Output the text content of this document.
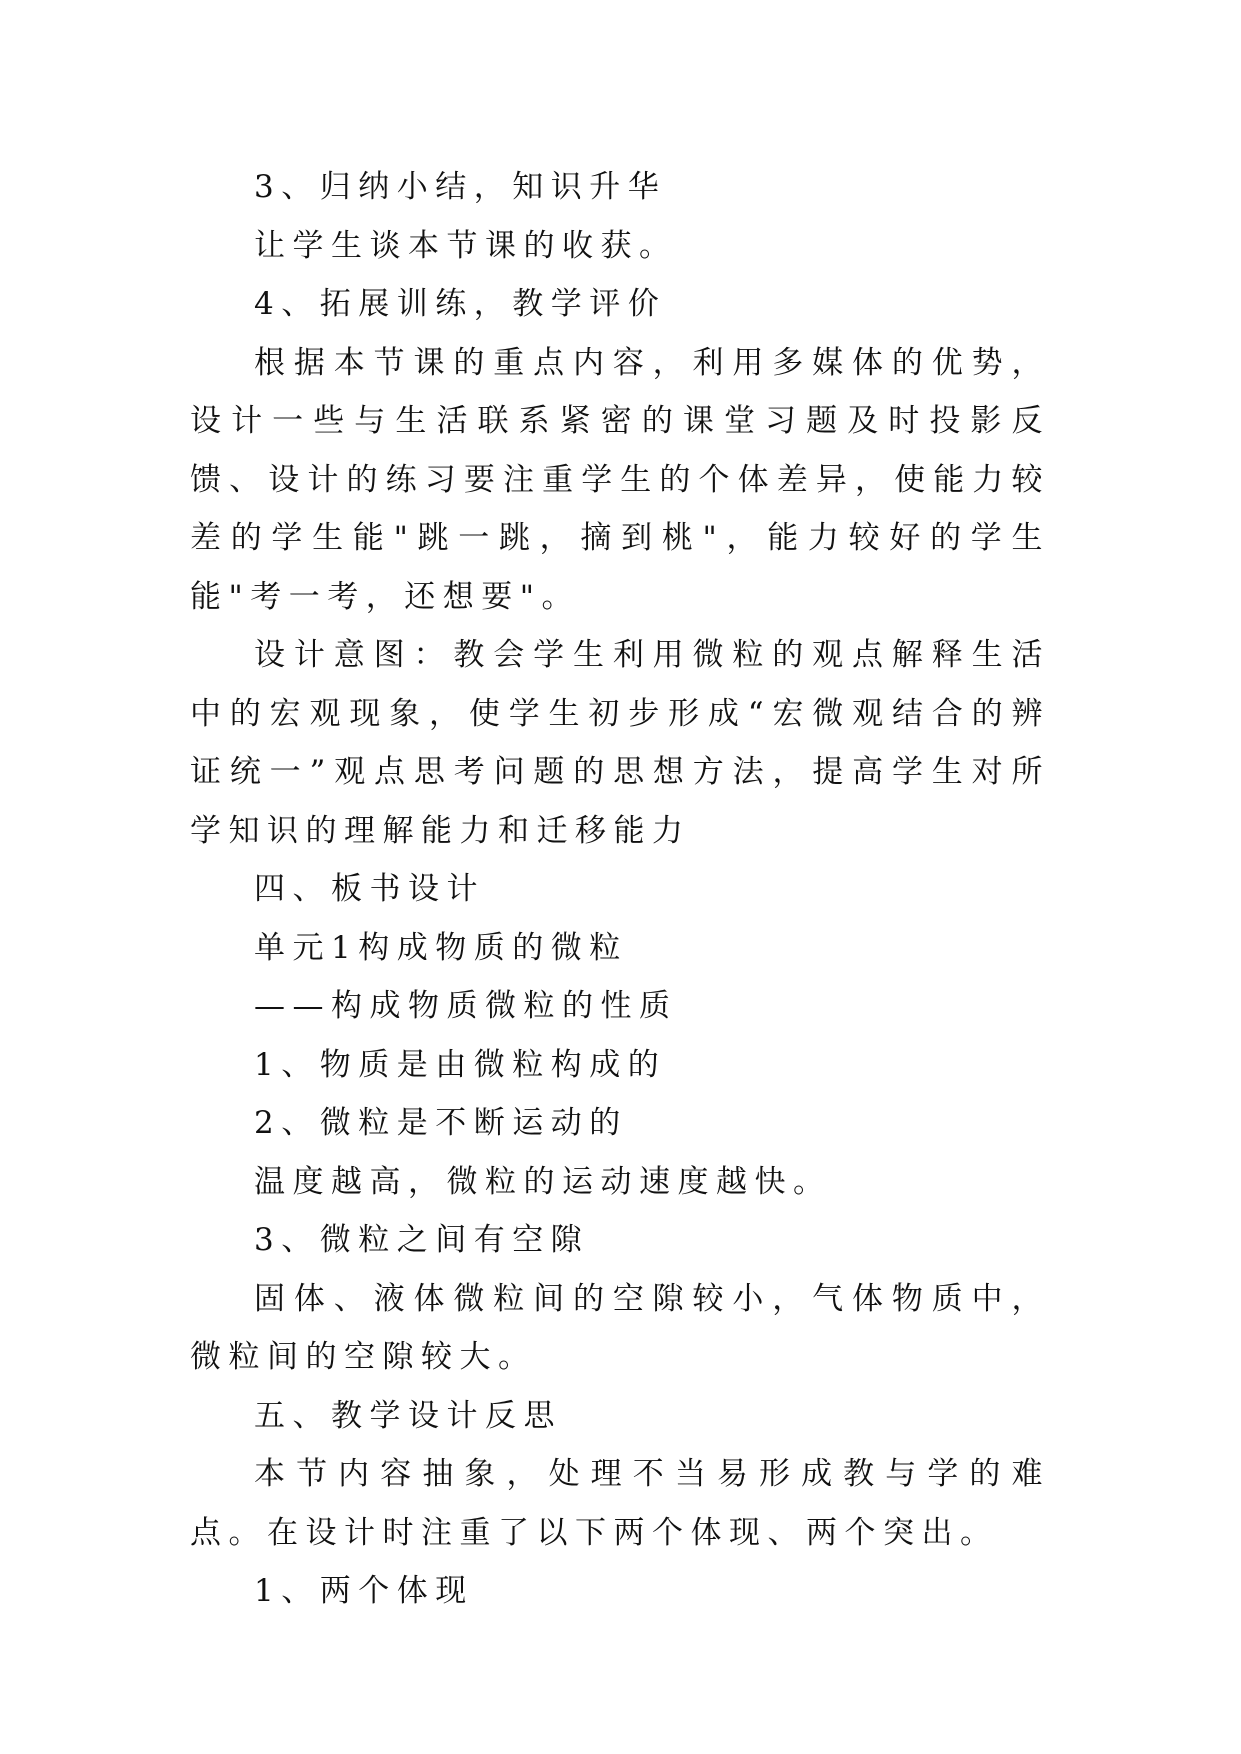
3、归纳小结，知识升华

让学生谈本节课的收获。

4、拓展训练，教学评价

根据本节课的重点内容，利用多媒体的优势，设计一些与生活联系紧密的课堂习题及时投影反馈、设计的练习要注重学生的个体差异，使能力较差的学生能"跳一跳，摘到桃"，能力较好的学生能"考一考，还想要"。

设计意图：教会学生利用微粒的观点解释生活中的宏观现象，使学生初步形成“宏微观结合的辨证统一”观点思考问题的思想方法，提高学生对所学知识的理解能力和迁移能力

四、板书设计

单元1构成物质的微粒

——构成物质微粒的性质

1、物质是由微粒构成的

2、微粒是不断运动的

温度越高，微粒的运动速度越快。

3、微粒之间有空隙

固体、液体微粒间的空隙较小，气体物质中，微粒间的空隙较大。

五、教学设计反思

本节内容抽象，处理不当易形成教与学的难点。在设计时注重了以下两个体现、两个突出。

1、两个体现
